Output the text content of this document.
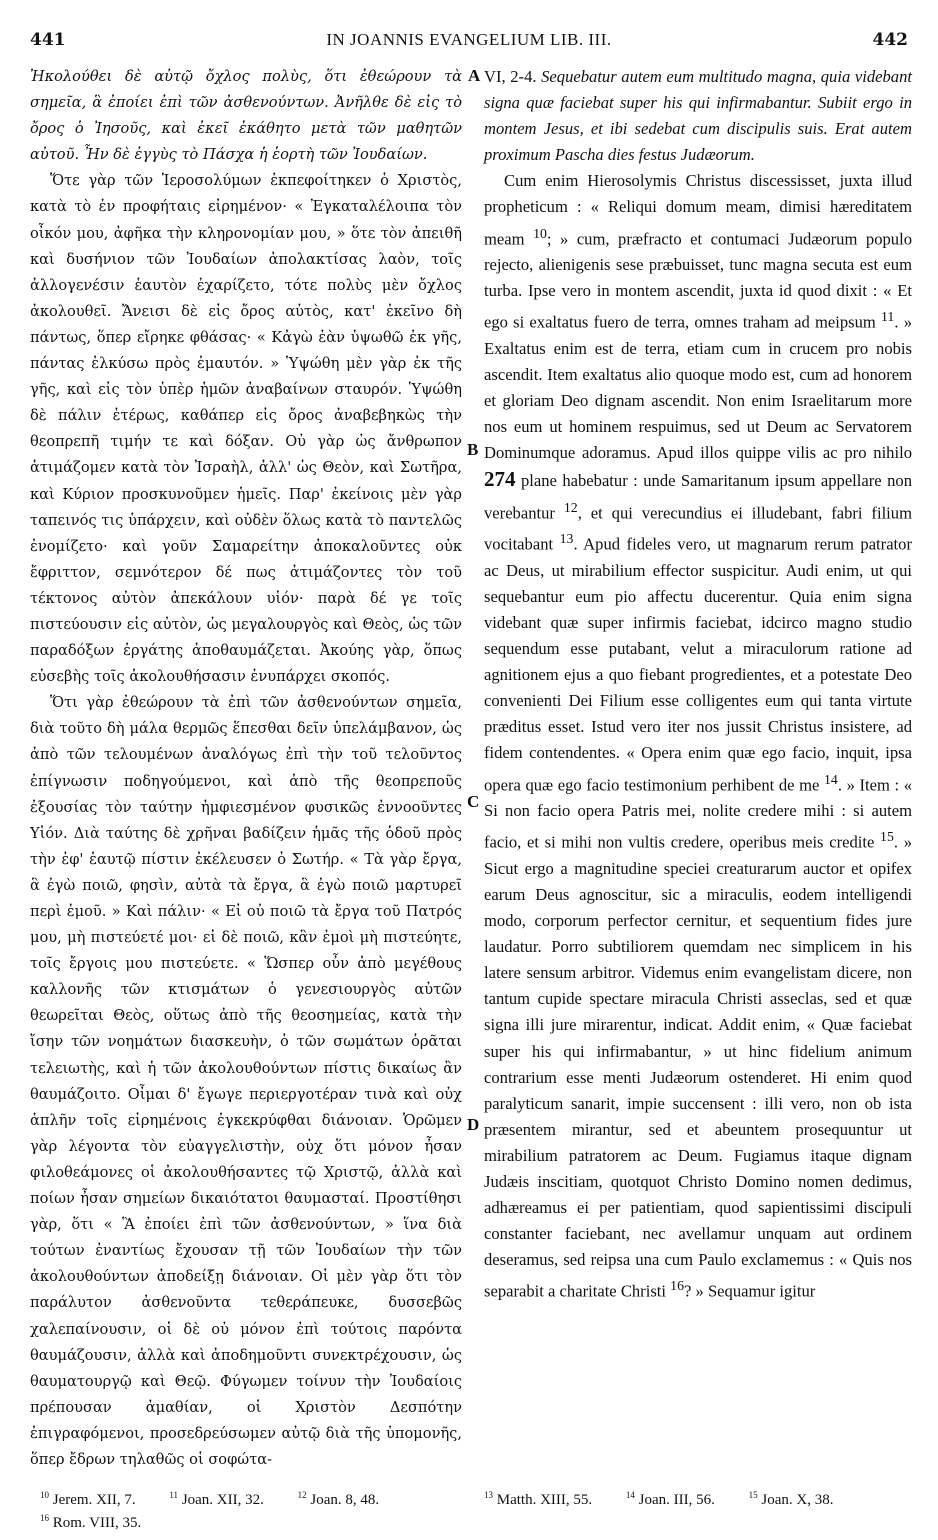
441	IN JOANNIS EVANGELIUM LIB. III.	442

Ἠκολούθει δὲ αὐτῷ ὄχλος πολὺς, ὅτι ἐθεώρουν τὰ σημεῖα, ἃ ἐποίει ἐπὶ τῶν ἀσθενούντων. Ἀνῆλθε δὲ εἰς τὸ ὄρος ὁ Ἰησοῦς, καὶ ἐκεῖ ἐκάθητο μετὰ τῶν μαθητῶν αὐτοῦ. Ἦν δὲ ἐγγὺς τὸ Πάσχα ἡ ἑορτὴ τῶν Ἰουδαίων.

Ὅτε γὰρ τῶν Ἱεροσολύμων ἐκπεφοίτηκεν ὁ Χριστὸς, κατὰ τὸ ἐν προφήταις εἰρημένον· « Ἐγκαταλέλοιπα τὸν οἶκόν μου, ἀφῆκα τὴν κληρονομίαν μου, » ὅτε τὸν ἀπειθῆ καὶ δυσήνιον τῶν Ἰουδαίων ἀπολακτίσας λαὸν, τοῖς ἀλλογενέσιν ἑαυτὸν ἐχαρίζετο, τότε πολὺς μὲν ὄχλος ἀκολουθεῖ. Ἄνεισι δὲ εἰς ὄρος αὐτὸς, κατ' ἐκεῖνο δὴ πάντως, ὅπερ εἴρηκε φθάσας· « Κἀγὼ ἐὰν ὑψωθῶ ἐκ γῆς, πάντας ἑλκύσω πρὸς ἐμαυτόν. » Ὑψώθη μὲν γὰρ ἐκ τῆς γῆς, καὶ εἰς τὸν ὑπὲρ ἡμῶν ἀναβαίνων σταυρόν. Ὑψώθη δὲ πάλιν ἑτέρως, καθάπερ εἰς ὄρος ἀναβεβηκὼς τὴν θεοπρεπῆ τιμήν τε καὶ δόξαν. Οὐ γὰρ ὡς ἄνθρωπον ἀτιμάζομεν κατὰ τὸν Ἰσραὴλ, ἀλλ' ὡς Θεὸν, καὶ Σωτῆρα, καὶ Κύριον προσκυνοῦμεν ἡμεῖς. Παρ' ἐκείνοις μὲν γὰρ ταπεινός τις ὑπάρχειν, καὶ οὐδὲν ὅλως κατὰ τὸ παντελῶς ἐνομίζετο· καὶ γοῦν Σαμαρείτην ἀποκαλοῦντες οὐκ ἔφριττον, σεμνότερον δέ πως ἀτιμάζοντες τὸν τοῦ τέκτονος αὐτὸν ἀπεκάλουν υἱόν· παρὰ δέ γε τοῖς πιστεύουσιν εἰς αὐτὸν, ὡς μεγαλουργὸς καὶ Θεὸς, ὡς τῶν παραδόξων ἐργάτης ἀποθαυμάζεται. Ἀκούης γὰρ, ὅπως εὐσεβὴς τοῖς ἀκολουθήσασιν ἐνυπάρχει σκοπός.

Ὅτι γὰρ ἐθεώρουν τὰ ἐπὶ τῶν ἀσθενούντων σημεῖα, διὰ τοῦτο δὴ μάλα θερμῶς ἕπεσθαι δεῖν ὑπελάμβανον, ὡς ἀπὸ τῶν τελουμένων ἀναλόγως ἐπὶ τὴν τοῦ τελοῦντος ἐπίγνωσιν ποδηγούμενοι, καὶ ἀπὸ τῆς θεοπρεποῦς ἐξουσίας τὸν ταύτην ἠμφιεσμένον φυσικῶς ἐννοοῦντες Υἱόν. Διὰ ταύτης δὲ χρῆναι βαδίζειν ἡμᾶς τῆς ὁδοῦ πρὸς τὴν ἐφ' ἑαυτῷ πίστιν ἐκέλευσεν ὁ Σωτήρ. « Τὰ γὰρ ἔργα, ἃ ἐγὼ ποιῶ, φησὶν, αὐτὰ τὰ ἔργα, ἃ ἐγὼ ποιῶ μαρτυρεῖ περὶ ἐμοῦ. » Καὶ πάλιν· « Εἰ οὐ ποιῶ τὰ ἔργα τοῦ Πατρός μου, μὴ πιστεύετέ μοι· εἰ δὲ ποιῶ, κἂν ἐμοὶ μὴ πιστεύητε, τοῖς ἔργοις μου πιστεύετε. « Ὥσπερ οὖν ἀπὸ μεγέθους καλλονῆς τῶν κτισμάτων ὁ γενεσιουργὸς αὐτῶν θεωρεῖται Θεὸς, οὕτως ἀπὸ τῆς θεοσημείας, κατὰ τὴν ἴσην τῶν νοημάτων διασκευὴν, ὁ τῶν σωμάτων ὁρᾶται τελειωτὴς, καὶ ἡ τῶν ἀκολουθούντων πίστις δικαίως ἂν θαυμάζοιτο. Οἶμαι δ' ἔγωγε περιεργοτέραν τινὰ καὶ οὐχ ἁπλῆν τοῖς εἰρημένοις ἐγκεκρύφθαι διάνοιαν. Ὁρῶμεν γὰρ λέγοντα τὸν εὐαγγελιστὴν, οὐχ ὅτι μόνον ἦσαν φιλοθεάμονες οἱ ἀκολουθήσαντες τῷ Χριστῷ, ἀλλὰ καὶ ποίων ἦσαν σημείων δικαιότατοι θαυμασταί. Προστίθησι γὰρ, ὅτι « Ἃ ἐποίει ἐπὶ τῶν ἀσθενούντων, » ἵνα διὰ τούτων ἐναντίως ἔχουσαν τῇ τῶν Ἰουδαίων τὴν τῶν ἀκολουθούντων ἀποδείξῃ διάνοιαν. Οἱ μὲν γὰρ ὅτι τὸν παράλυτον ἀσθενοῦντα τεθεράπευκε, δυσσεβῶς χαλεπαίνουσιν, οἱ δὲ οὐ μόνον ἐπὶ τούτοις παρόντα θαυμάζουσιν, ἀλλὰ καὶ ἀποδημοῦντι συνεκτρέχουσιν, ὡς θαυματουργῷ καὶ Θεῷ. Φύγωμεν τοίνυν τὴν Ἰουδαίοις πρέπουσαν ἀμαθίαν, οἱ Χριστὸν Δεσπότην ἐπιγραφόμενοι, προσεδρεύσωμεν αὐτῷ διὰ τῆς ὑπομονῆς, ὅπερ ἔδρων τηλαθῶς οἱ σοφώτα-

A
B
C
D

VI, 2-4. Sequebatur autem eum multitudo magna, quia videbant signa quæ faciebat super his qui infirmabantur. Subiit ergo in montem Jesus, et ibi sedebat cum discipulis suis. Erat autem proximum Pascha dies festus Judæorum.

Cum enim Hierosolymis Christus discessisset, juxta illud propheticum : « Reliqui domum meam, dimisi hæreditatem meam $^{10}$; » cum, præfracto et contumaci Judæorum populo rejecto, alienigenis sese præbuisset, tunc magna secuta est eum turba. Ipse vero in montem ascendit, juxta id quod dixit : « Et ego si exaltatus fuero de terra, omnes traham ad meipsum $^{11}$. » Exaltatus enim est de terra, etiam cum in crucem pro nobis ascendit. Item exaltatus alio quoque modo est, cum ad honorem et gloriam Deo dignam ascendit. Non enim Israelitarum more nos eum ut hominem respuimus, sed ut Deum ac Servatorem Dominumque adoramus. Apud illos quippe vilis ac pro nihilo 274 plane habebatur : unde Samaritanum ipsum appellare non verebantur $^{12}$, et qui verecundius ei illudebant, fabri filium vocitabant $^{13}$. Apud fideles vero, ut magnarum rerum patrator ac Deus, ut mirabilium effector suspicitur. Audi enim, ut qui sequebantur eum pio affectu ducerentur. Quia enim signa videbant quæ super infirmis faciebat, idcirco magno studio sequendum esse putabant, velut a miraculorum ratione ad agnitionem ejus a quo fiebant progredientes, et a potestate Deo convenienti Dei Filium esse colligentes eum qui tanta virtute præditus esset. Istud vero iter nos jussit Christus insistere, ad fidem contendentes. « Opera enim quæ ego facio, inquit, ipsa opera quæ ego facio testimonium perhibent de me $^{14}$. » Item : « Si non facio opera Patris mei, nolite credere mihi : si autem facio, et si mihi non vultis credere, operibus meis credite $^{15}$. » Sicut ergo a magnitudine speciei creaturarum auctor et opifex earum Deus agnoscitur, sic a miraculis, eodem intelligendi modo, corporum perfector cernitur, et sequentium fides jure laudatur. Porro subtiliorem quemdam nec simplicem in his latere sensum arbitror. Videmus enim evangelistam dicere, non tantum cupide spectare miracula Christi asseclas, sed et quæ signa illi jure mirarentur, indicat. Addit enim, « Quæ faciebat super his qui infirmabantur, » ut hinc fidelium animum contrarium esse menti Judæorum ostenderet. Hi enim quod paralyticum sanarit, impie succensent : illi vero, non ob ista præsentem mirantur, sed et abeuntem prosequuntur ut mirabilium patratorem ac Deum. Fugiamus itaque dignam Judæis inscitiam, quotquot Christo Domino nomen dedimus, adhæreamus ei per patientiam, quod sapientissimi discipuli constanter faciebant, nec avellamur unquam aut ordinem deseramus, sed reipsa una cum Paulo exclamemus : « Quis nos separabit a charitate Christi $^{16}$? » Sequamur igitur

$^{10}$ Jerem. XII, 7.	$^{11}$ Joan. XII, 32.	$^{12}$ Joan. 8, 48.
$^{16}$ Rom. VIII, 35.
$^{13}$ Matth. XIII, 55.	$^{14}$ Joan. III, 56.	$^{15}$ Joan. X, 38.
